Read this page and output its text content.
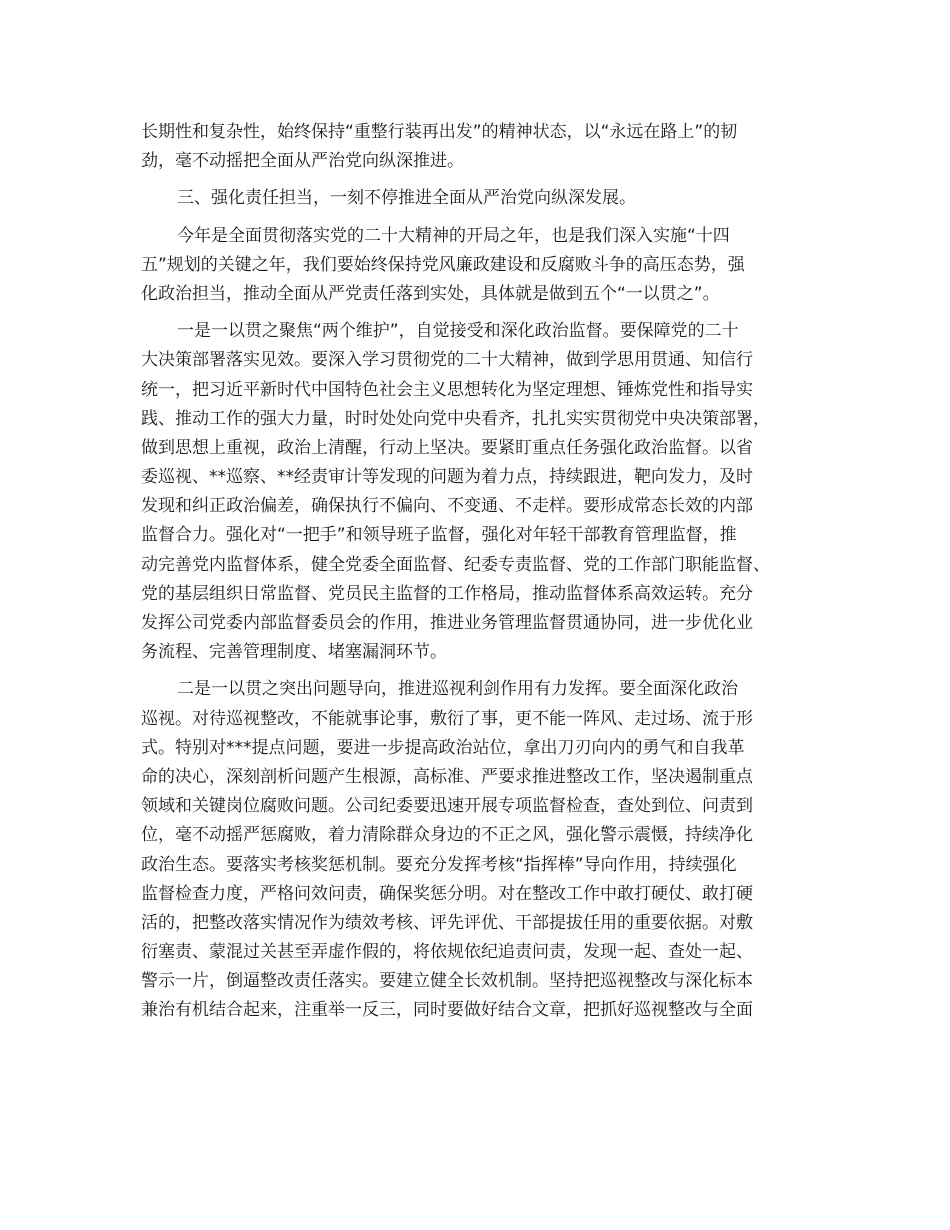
长期性和复杂性，始终保持“重整行装再出发”的精神状态，以“永远在路上”的韧
劲，毫不动摇把全面从严治党向纵深推进。
三、强化责任担当，一刻不停推进全面从严治党向纵深发展。
今年是全面贯彻落实党的二十大精神的开局之年，也是我们深入实施“十四
五”规划的关键之年，我们要始终保持党风廉政建设和反腐败斗争的高压态势，强
化政治担当，推动全面从严党责任落到实处，具体就是做到五个“一以贯之”。
一是一以贯之聚焦“两个维护”，自觉接受和深化政治监督。要保障党的二十
大决策部署落实见效。要深入学习贯彻党的二十大精神，做到学思用贯通、知信行
统一，把习近平新时代中国特色社会主义思想转化为坚定理想、锤炼党性和指导实
践、推动工作的强大力量，时时处处向党中央看齐，扎扎实实贯彻党中央决策部署，
做到思想上重视，政治上清醒，行动上坚决。要紧盯重点任务强化政治监督。以省
委巡视、**巡察、**经责审计等发现的问题为着力点，持续跟进，靶向发力，及时
发现和纠正政治偏差，确保执行不偏向、不变通、不走样。要形成常态长效的内部
监督合力。强化对“一把手”和领导班子监督，强化对年轻干部教育管理监督，推
动完善党内监督体系，健全党委全面监督、纪委专责监督、党的工作部门职能监督、
党的基层组织日常监督、党员民主监督的工作格局，推动监督体系高效运转。充分
发挥公司党委内部监督委员会的作用，推进业务管理监督贯通协同，进一步优化业
务流程、完善管理制度、堵塞漏洞环节。
二是一以贯之突出问题导向，推进巡视利剑作用有力发挥。要全面深化政治
巡视。对待巡视整改，不能就事论事，敷衍了事，更不能一阵风、走过场、流于形
式。特别对***提点问题，要进一步提高政治站位，拿出刀刃向内的勇气和自我革
命的决心，深刻剖析问题产生根源，高标准、严要求推进整改工作，坚决遏制重点
领域和关键岗位腐败问题。公司纪委要迅速开展专项监督检查，查处到位、问责到
位，毫不动摇严惩腐败，着力清除群众身边的不正之风，强化警示震慑，持续净化
政治生态。要落实考核奖惩机制。要充分发挥考核“指挥棒”导向作用，持续强化
监督检查力度，严格问效问责，确保奖惩分明。对在整改工作中敢打硬仗、敢打硬
活的，把整改落实情况作为绩效考核、评先评优、干部提拔任用的重要依据。对敷
衍塞责、蒙混过关甚至弄虚作假的，将依规依纪追责问责，发现一起、查处一起、
警示一片，倒逼整改责任落实。要建立健全长效机制。坚持把巡视整改与深化标本
兼治有机结合起来，注重举一反三，同时要做好结合文章，把抓好巡视整改与全面
